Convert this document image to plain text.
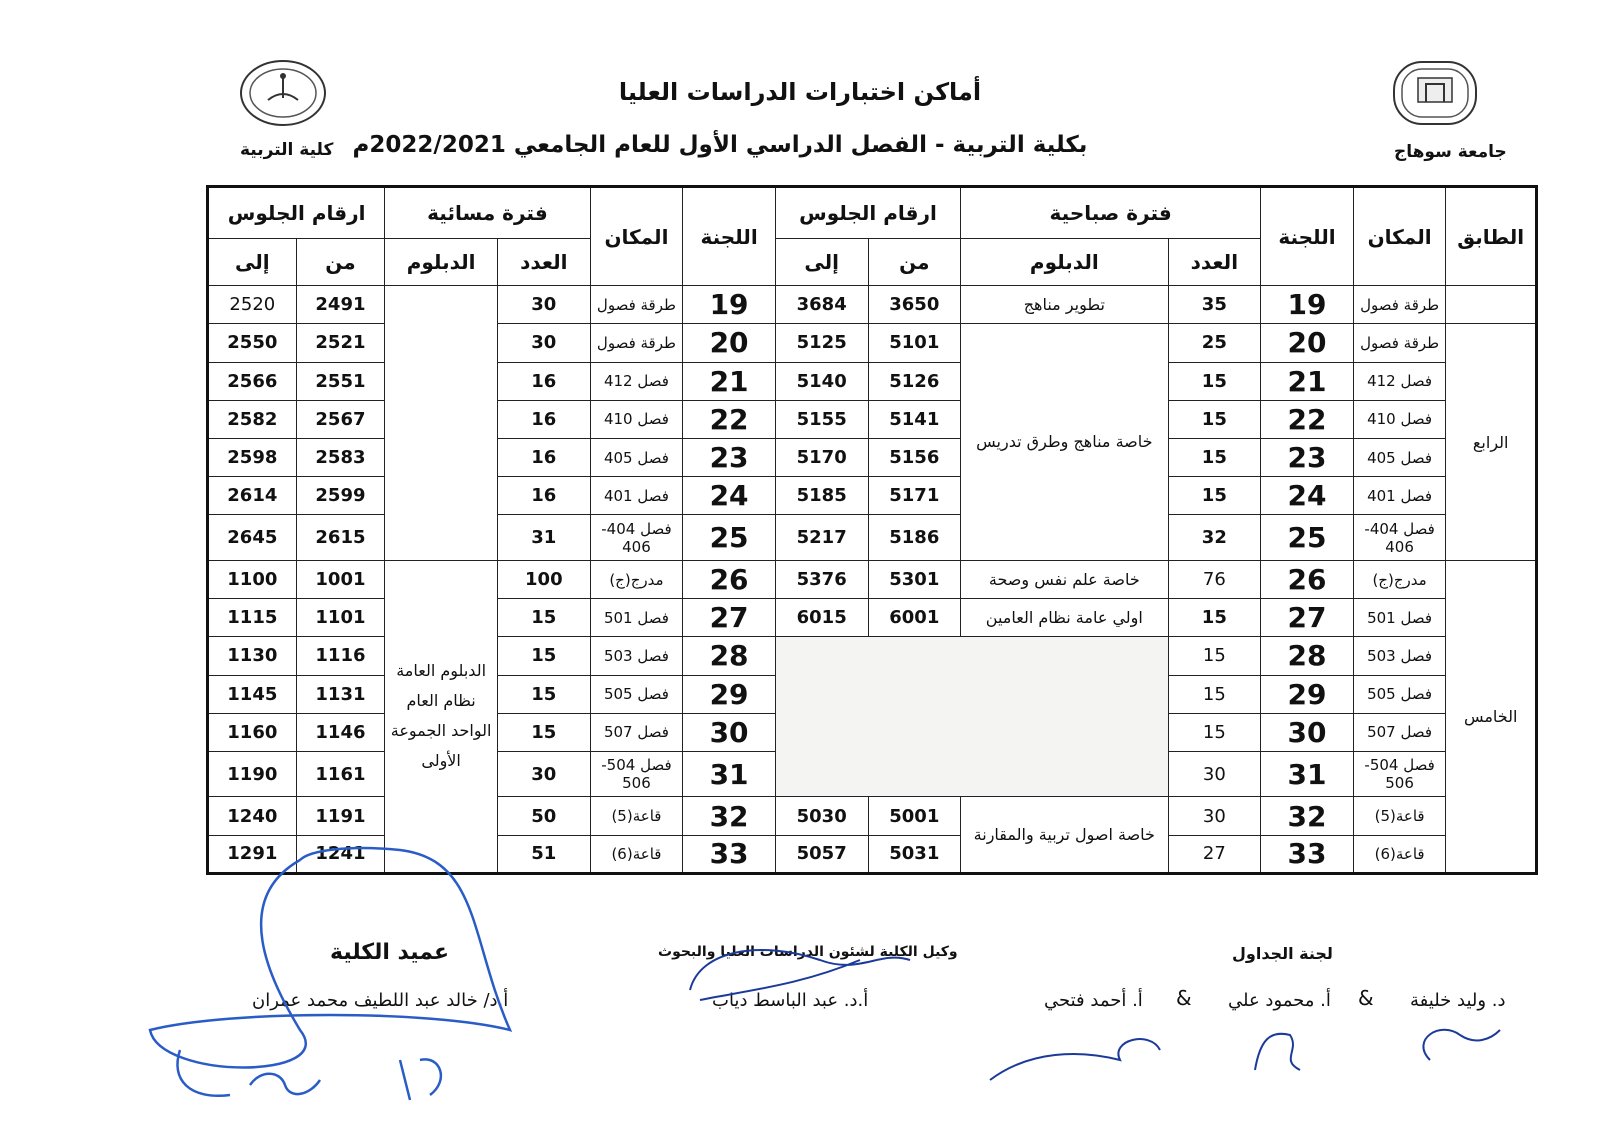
كلية التربية	جامعة سوهاج
أماكن اختبارات الدراسات العليا
بكلية التربية - الفصل الدراسي الأول للعام الجامعي 2022/2021م
الطابق	المكان	اللجنة	فترة صباحية		ارقام الجلوس		اللجنة	المكان	فترة مسائية		ارقام الجلوس	
			العدد	الدبلوم	من	إلى			العدد	الدبلوم	من	إلى
	طرقة فصول	19	35	تطوير مناهج	3650	3684	19	طرقة فصول	30		2491	2520
الرابع	طرقة فصول	20	25	خاصة مناهج وطرق تدريس	5101	5125	20	طرقة فصول	30		2521	2550
	فصل 412	21	15		5126	5140	21	فصل 412	16		2551	2566
	فصل 410	22	15		5141	5155	22	فصل 410	16		2567	2582
	فصل 405	23	15		5156	5170	23	فصل 405	16		2583	2598
	فصل 401	24	15		5171	5185	24	فصل 401	16		2599	2614
	فصل 404- 406	25	32		5186	5217	25	فصل 404- 406	31		2615	2645
الخامس	مدرج(ج)	26	76	خاصة علم نفس وصحة	5301	5376	26	مدرج(ج)	100	الدبلوم العامة نظام العام الواحد الجموعة الأولى	1001	1100
	فصل 501	27	15	اولي عامة نظام العامين	6001	6015	27	فصل 501	15		1101	1115
	فصل 503	28	15				28	فصل 503	15		1116	1130
	فصل 505	29	15				29	فصل 505	15		1131	1145
	فصل 507	30	15				30	فصل 507	15		1146	1160
	فصل 504- 506	31	30				31	فصل 504- 506	30		1161	1190
	قاعة(5)	32	30	خاصة اصول تربية والمقارنة	5001	5030	32	قاعة(5)	50		1191	1240
	قاعة(6)	33	27		5031	5057	33	قاعة(6)	51		1241	1291
عميد الكلية
أ.د/ خالد عبد اللطيف محمد عمران
وكيل الكلية لشئون الدراسات العليا والبحوث
أ.د. عبد الباسط دياب
لجنة الجداول
د. وليد خليفة
&
أ. محمود علي
&
أ. أحمد فتحي
